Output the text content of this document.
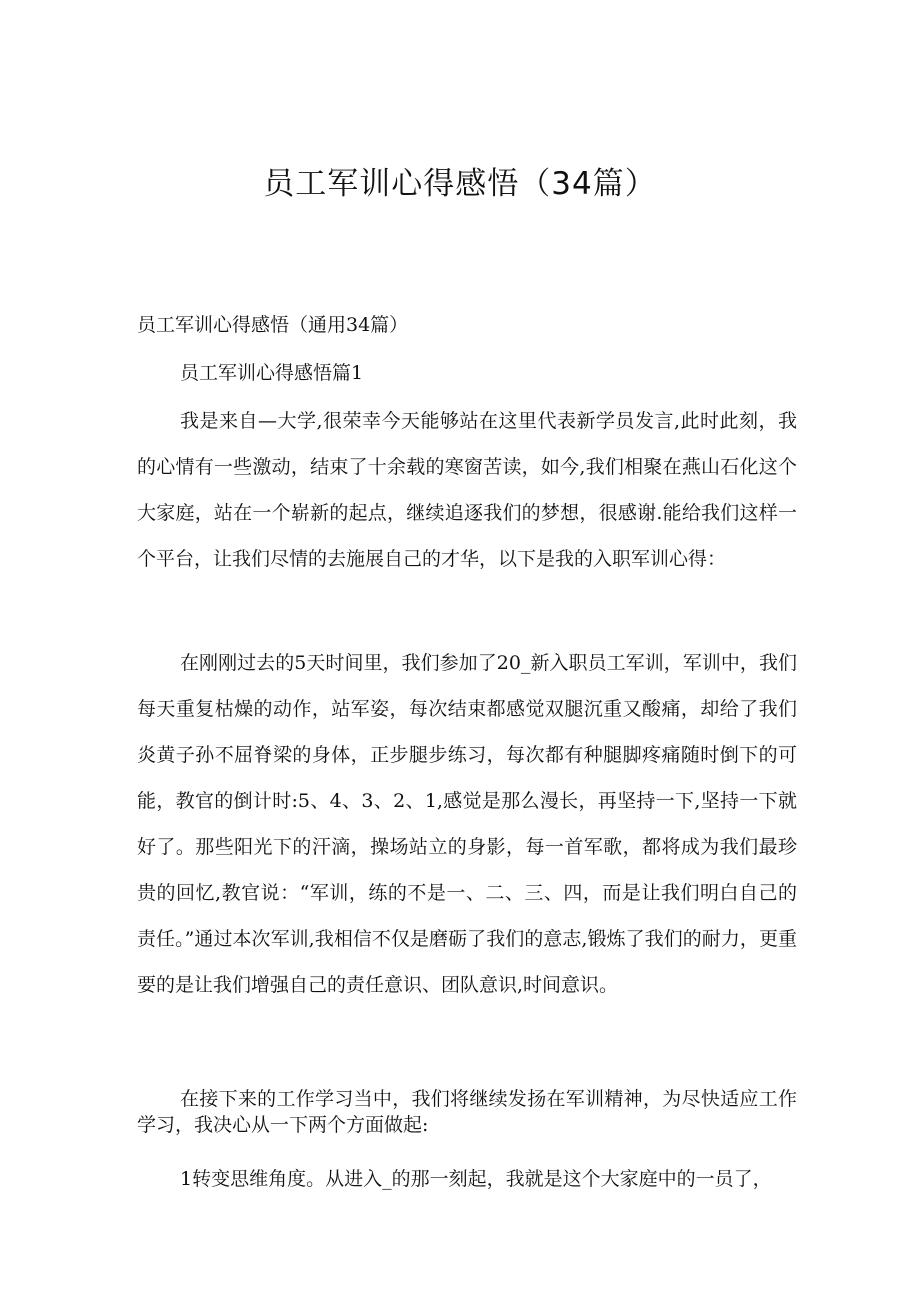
员工军训心得感悟（34篇）

员工军训心得感悟（通用34篇）

员工军训心得感悟篇1

我是来自—大学,很荣幸今天能够站在这里代表新学员发言,此时此刻，我的心情有一些激动，结束了十余载的寒窗苦读，如今,我们相聚在燕山石化这个大家庭，站在一个崭新的起点，继续追逐我们的梦想，很感谢.能给我们这样一个平台，让我们尽情的去施展自己的才华，以下是我的入职军训心得：

在刚刚过去的5天时间里，我们参加了20_新入职员工军训，军训中，我们每天重复枯燥的动作，站军姿，每次结束都感觉双腿沉重又酸痛，却给了我们炎黄子孙不屈脊梁的身体，正步腿步练习，每次都有种腿脚疼痛随时倒下的可能，教官的倒计时:5、4、3、2、1,感觉是那么漫长，再坚持一下,坚持一下就好了。那些阳光下的汗滴，操场站立的身影，每一首军歌，都将成为我们最珍贵的回忆,教官说：“军训，练的不是一、二、三、四，而是让我们明白自己的责任。”通过本次军训,我相信不仅是磨砺了我们的意志,锻炼了我们的耐力，更重要的是让我们增强自己的责任意识、团队意识,时间意识。

在接下来的工作学习当中，我们将继续发扬在军训精神，为尽快适应工作学习，我决心从一下两个方面做起:

1转变思维角度。从进入_的那一刻起，我就是这个大家庭中的一员了，
